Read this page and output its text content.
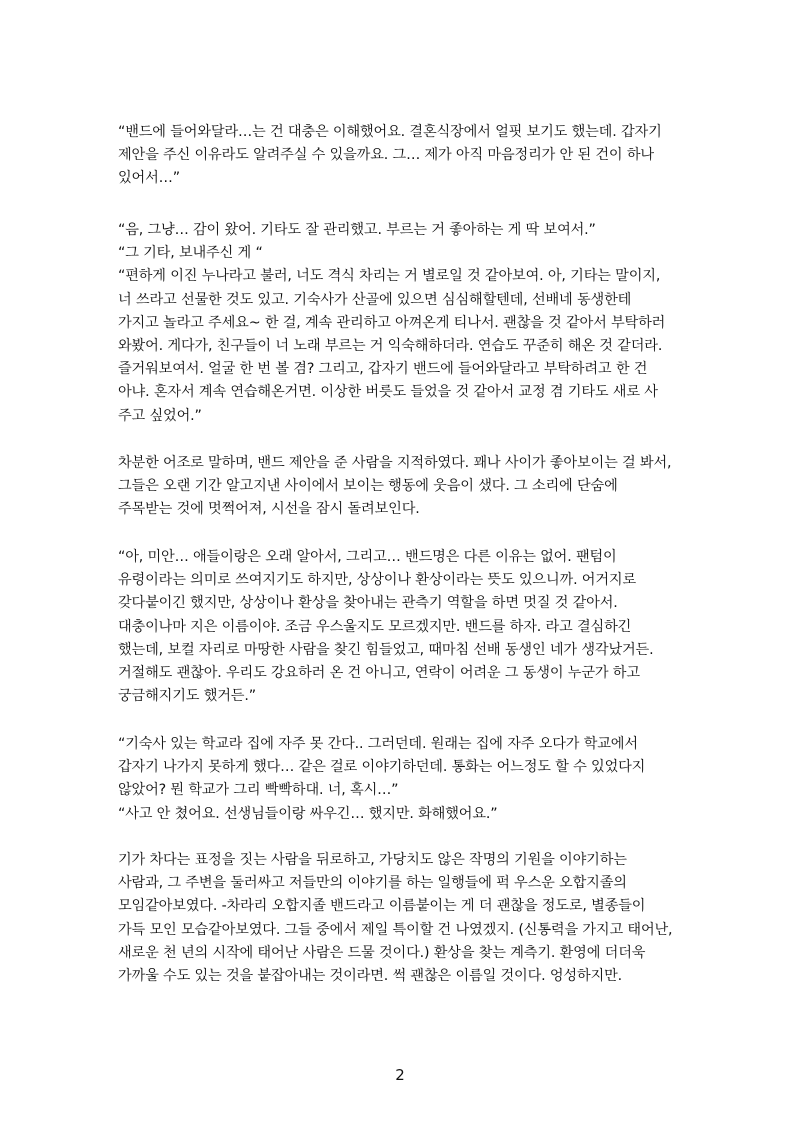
“밴드에 들어와달라…는 건 대충은 이해했어요. 결혼식장에서 얼핏 보기도 했는데. 갑자기
제안을 주신 이유라도 알려주실 수 있을까요. 그… 제가 아직 마음정리가 안 된 건이 하나
있어서…”
“음, 그냥… 감이 왔어. 기타도 잘 관리했고. 부르는 거 좋아하는 게 딱 보여서.”
“그 기타, 보내주신 게 “
“편하게 이진 누나라고 불러, 너도 격식 차리는 거 별로일 것 같아보여. 아, 기타는 말이지,
너 쓰라고 선물한 것도 있고. 기숙사가 산골에 있으면 심심해할텐데, 선배네 동생한테
가지고 놀라고 주세요~ 한 걸, 계속 관리하고 아껴온게 티나서. 괜찮을 것 같아서 부탁하러
와봤어. 게다가, 친구들이 너 노래 부르는 거 익숙해하더라. 연습도 꾸준히 해온 것 같더라.
즐거워보여서. 얼굴 한 번 볼 겸? 그리고, 갑자기 밴드에 들어와달라고 부탁하려고 한 건
아냐. 혼자서 계속 연습해온거면. 이상한 버릇도 들었을 것 같아서 교정 겸 기타도 새로 사
주고 싶었어.”
차분한 어조로 말하며, 밴드 제안을 준 사람을 지적하였다. 꽤나 사이가 좋아보이는 걸 봐서,
그들은 오랜 기간 알고지낸 사이에서 보이는 행동에 웃음이 샜다. 그 소리에 단숨에
주목받는 것에 멋쩍어져, 시선을 잠시 돌려보인다.
“아, 미안… 애들이랑은 오래 알아서, 그리고… 밴드명은 다른 이유는 없어. 팬텀이
유령이라는 의미로 쓰여지기도 하지만, 상상이나 환상이라는 뜻도 있으니까. 어거지로
갖다붙이긴 했지만, 상상이나 환상을 찾아내는 관측기 역할을 하면 멋질 것 같아서.
대충이나마 지은 이름이야. 조금 우스울지도 모르겠지만. 밴드를 하자. 라고 결심하긴
했는데, 보컬 자리로 마땅한 사람을 찾긴 힘들었고, 때마침 선배 동생인 네가 생각났거든.
거절해도 괜찮아. 우리도 강요하러 온 건 아니고, 연락이 어려운 그 동생이 누군가 하고
궁금해지기도 했거든.”
“기숙사 있는 학교라 집에 자주 못 간다.. 그러던데. 원래는 집에 자주 오다가 학교에서
갑자기 나가지 못하게 했다… 같은 걸로 이야기하던데. 통화는 어느정도 할 수 있었다지
않았어? 뭔 학교가 그리 빡빡하대. 너, 혹시…”
“사고 안 쳤어요. 선생님들이랑 싸우긴… 했지만. 화해했어요.”
기가 차다는 표정을 짓는 사람을 뒤로하고, 가당치도 않은 작명의 기원을 이야기하는
사람과, 그 주변을 둘러싸고 저들만의 이야기를 하는 일행들에 퍽 우스운 오합지졸의
모임같아보였다. -차라리 오합지졸 밴드라고 이름붙이는 게 더 괜찮을 정도로, 별종들이
가득 모인 모습같아보였다. 그들 중에서 제일 특이할 건 나였겠지. (신통력을 가지고 태어난,
새로운 천 년의 시작에 태어난 사람은 드물 것이다.) 환상을 찾는 계측기. 환영에 더더욱
가까울 수도 있는 것을 붙잡아내는 것이라면. 썩 괜찮은 이름일 것이다. 엉성하지만.
2
